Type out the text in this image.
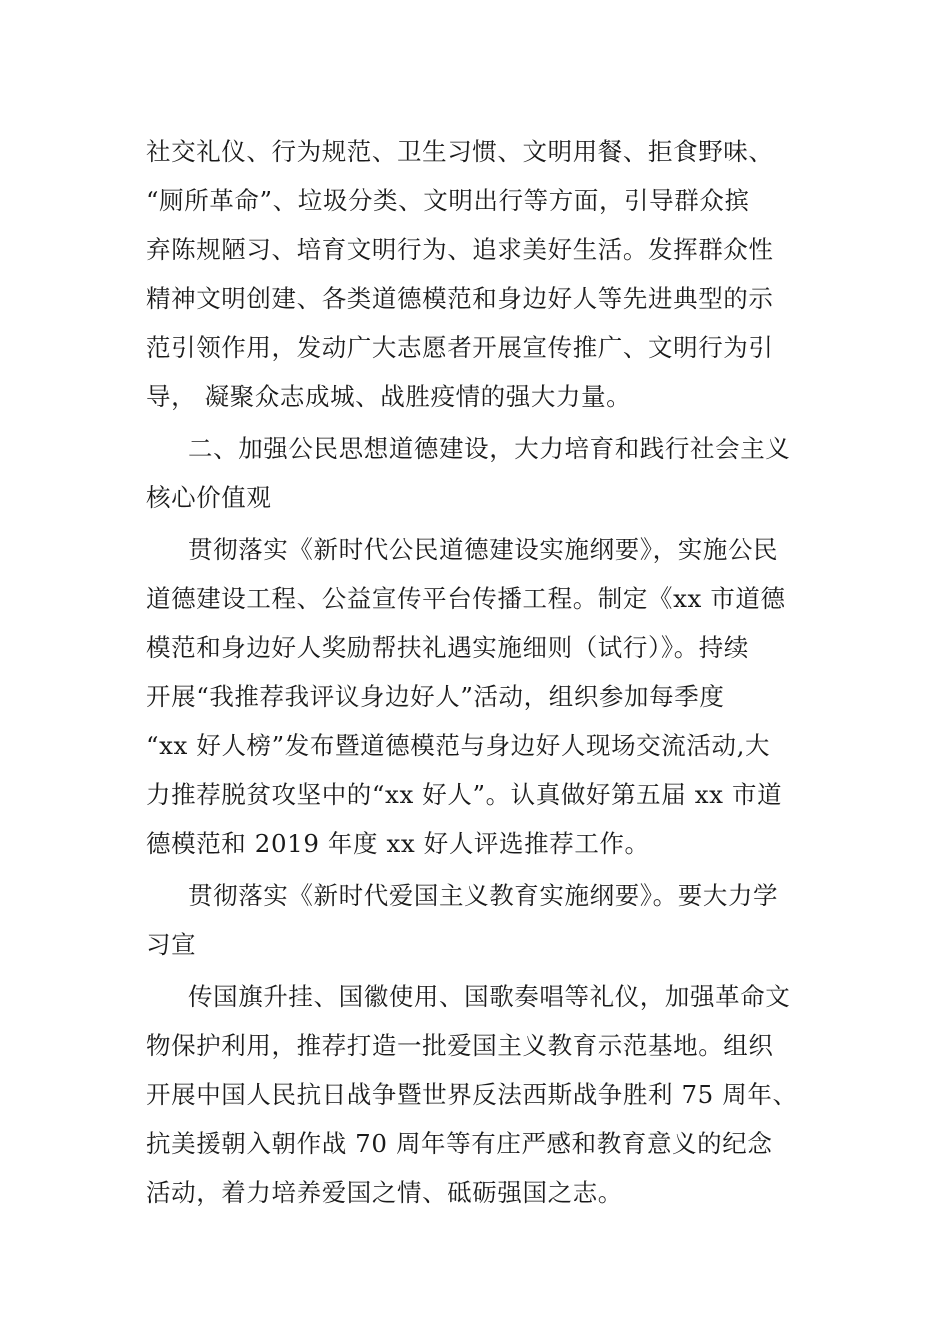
社交礼仪、行为规范、卫生习惯、文明用餐、拒食野味、

“厕所革命”、垃圾分类、文明出行等方面，引导群众摈

弃陈规陋习、培育文明行为、追求美好生活。发挥群众性

精神文明创建、各类道德模范和身边好人等先进典型的示

范引领作用，发动广大志愿者开展宣传推广、文明行为引

导， 凝聚众志成城、战胜疫情的强大力量。

二、加强公民思想道德建设，大力培育和践行社会主义

核心价值观

贯彻落实《新时代公民道德建设实施纲要》，实施公民

道德建设工程、公益宣传平台传播工程。制定《xx 市道德

模范和身边好人奖励帮扶礼遇实施细则（试行）》。持续

开展“我推荐我评议身边好人”活动，组织参加每季度

“xx 好人榜”发布暨道德模范与身边好人现场交流活动,大

力推荐脱贫攻坚中的“xx 好人”。认真做好第五届 xx 市道

德模范和 2019 年度 xx 好人评选推荐工作。

贯彻落实《新时代爱国主义教育实施纲要》。要大力学

习宣

传国旗升挂、国徽使用、国歌奏唱等礼仪，加强革命文

物保护利用，推荐打造一批爱国主义教育示范基地。组织

开展中国人民抗日战争暨世界反法西斯战争胜利 75 周年、

抗美援朝入朝作战 70 周年等有庄严感和教育意义的纪念

活动，着力培养爱国之情、砥砺强国之志。
